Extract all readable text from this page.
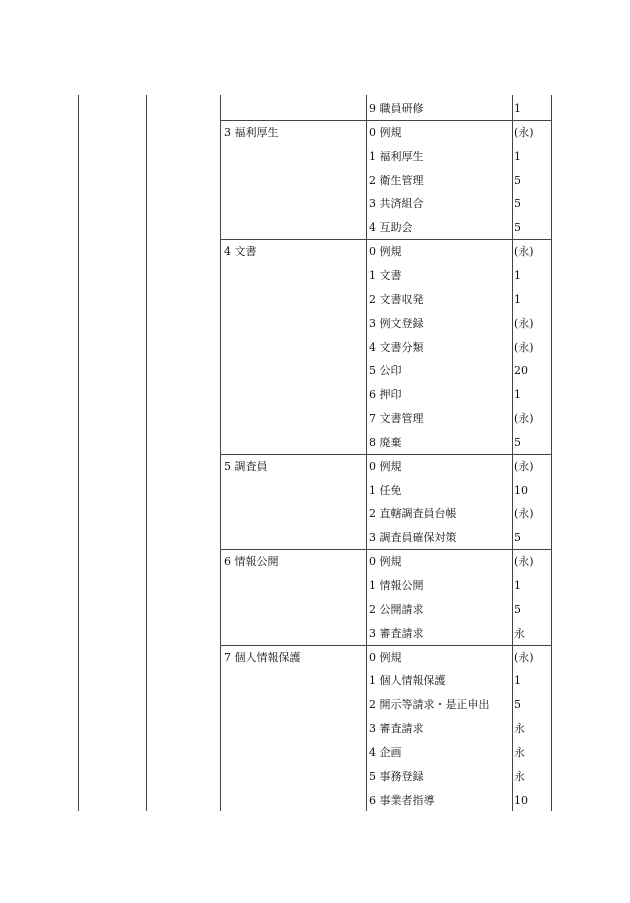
9 職員研修	1
3 福利厚生	0 例規	(永)
1 福利厚生	1
2 衛生管理	5
3 共済組合	5
4 互助会	5
4 文書	0 例規	(永)
1 文書	1
2 文書収発	1
3 例文登録	(永)
4 文書分類	(永)
5 公印	20
6 押印	1
7 文書管理	(永)
8 廃棄	5
5 調査員	0 例規	(永)
1 任免	10
2 直轄調査員台帳	(永)
3 調査員確保対策	5
6 情報公開	0 例規	(永)
1 情報公開	1
2 公開請求	5
3 審査請求	永
7 個人情報保護	0 例規	(永)
1 個人情報保護	1
2 開示等請求・是正申出 5
3 審査請求	永
4 企画	永
5 事務登録	永
6 事業者指導	10
